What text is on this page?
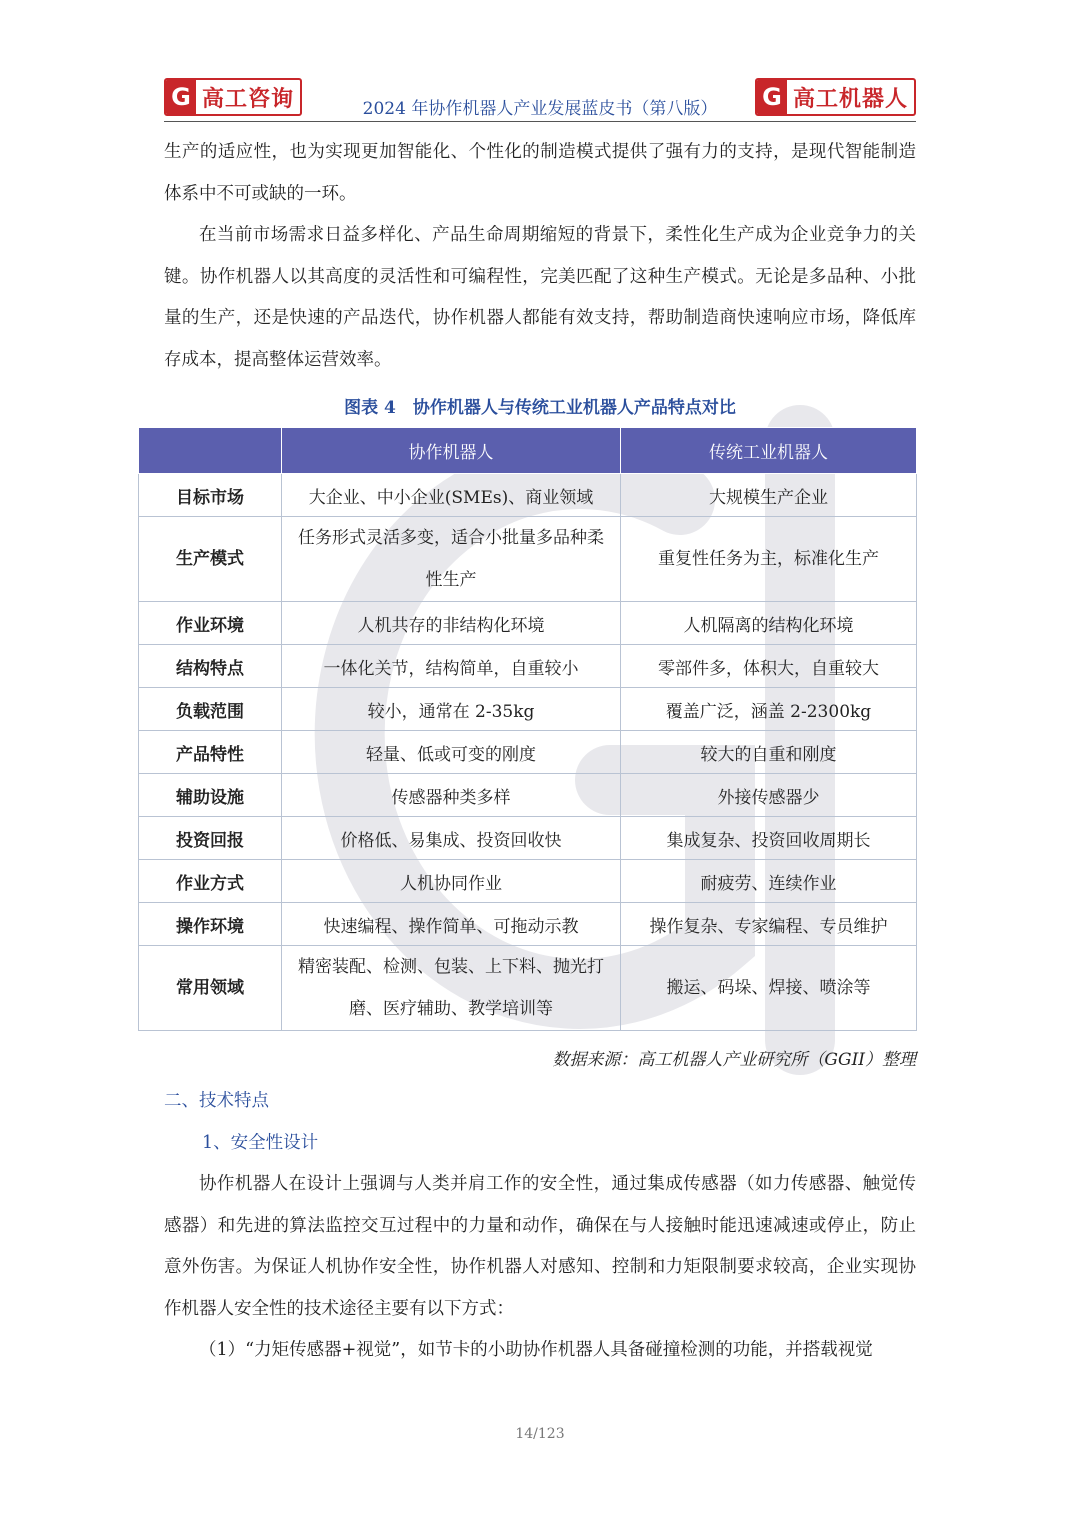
G 高工咨询	2024 年协作机器人产业发展蓝皮书（第八版）	G 高工机器人

生产的适应性，也为实现更加智能化、个性化的制造模式提供了强有力的支持，是现代智能制造体系中不可或缺的一环。

在当前市场需求日益多样化、产品生命周期缩短的背景下，柔性化生产成为企业竞争力的关键。协作机器人以其高度的灵活性和可编程性，完美匹配了这种生产模式。无论是多品种、小批量的生产，还是快速的产品迭代，协作机器人都能有效支持，帮助制造商快速响应市场，降低库存成本，提高整体运营效率。

图表 4　协作机器人与传统工业机器人产品特点对比
	协作机器人	传统工业机器人
目标市场	大企业、中小企业(SMEs)、商业领域	大规模生产企业
生产模式	任务形式灵活多变，适合小批量多品种柔性生产	重复性任务为主，标准化生产
作业环境	人机共存的非结构化环境	人机隔离的结构化环境
结构特点	一体化关节，结构简单，自重较小	零部件多，体积大，自重较大
负载范围	较小，通常在 2-35kg	覆盖广泛，涵盖 2-2300kg
产品特性	轻量、低或可变的刚度	较大的自重和刚度
辅助设施	传感器种类多样	外接传感器少
投资回报	价格低、易集成、投资回收快	集成复杂、投资回收周期长
作业方式	人机协同作业	耐疲劳、连续作业
操作环境	快速编程、操作简单、可拖动示教	操作复杂、专家编程、专员维护
常用领域	精密装配、检测、包装、上下料、抛光打磨、医疗辅助、教学培训等	搬运、码垛、焊接、喷涂等
数据来源：高工机器人产业研究所（GGII）整理
二、技术特点
1、安全性设计

协作机器人在设计上强调与人类并肩工作的安全性，通过集成传感器（如力传感器、触觉传感器）和先进的算法监控交互过程中的力量和动作，确保在与人接触时能迅速减速或停止，防止意外伤害。为保证人机协作安全性，协作机器人对感知、控制和力矩限制要求较高，企业实现协作机器人安全性的技术途径主要有以下方式：

（1）“力矩传感器+视觉”，如节卡的小助协作机器人具备碰撞检测的功能，并搭载视觉

14/123
